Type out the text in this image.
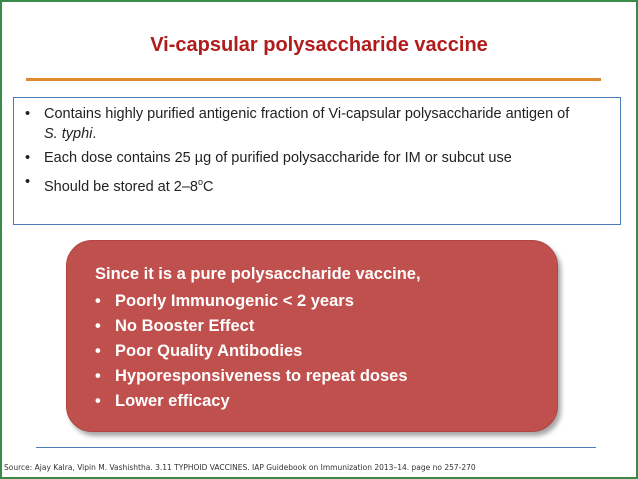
Vi-capsular polysaccharide vaccine
• Contains highly purified antigenic fraction of Vi-capsular polysaccharide antigen of S. typhi.
• Each dose contains 25 µg of purified polysaccharide for IM or subcut use
• Should be stored at 2–8$^o$C
Since it is a pure polysaccharide vaccine,
• Poorly Immunogenic < 2 years
• No Booster Effect
• Poor Quality Antibodies
• Hyporesponsiveness to repeat doses
• Lower efficacy
Source: Ajay Kalra, Vipin M. Vashishtha. 3.11 TYPHOID VACCINES. IAP Guidebook on Immunization 2013–14. page no 257-270
